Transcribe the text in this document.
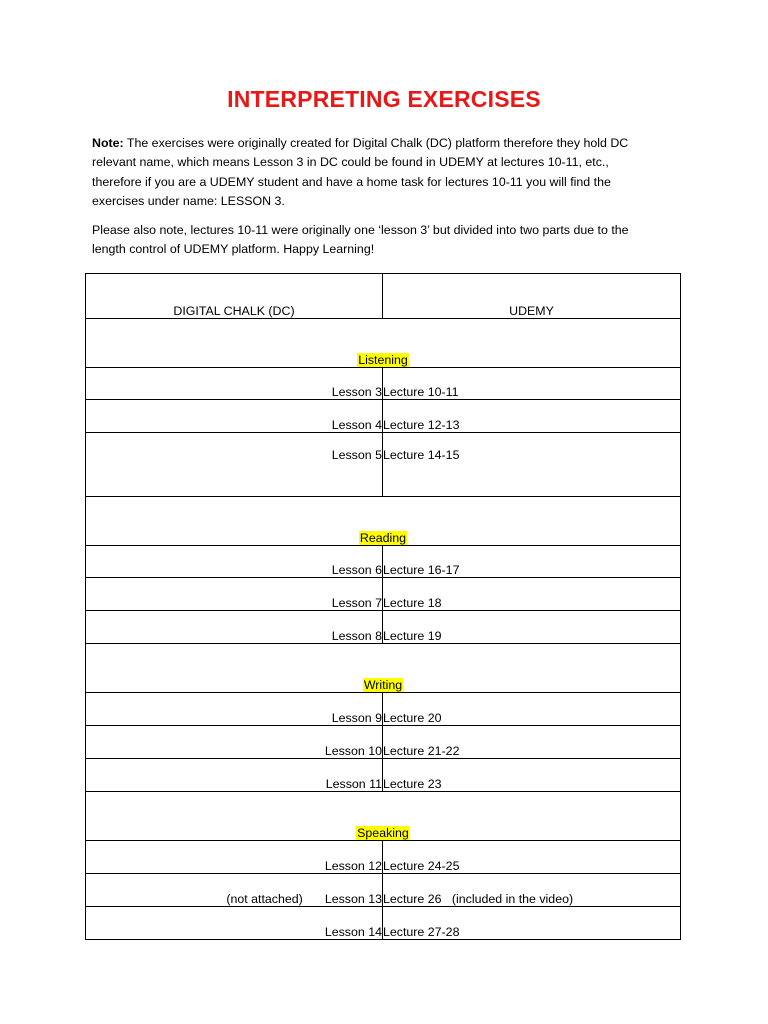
INTERPRETING EXERCISES

Note: The exercises were originally created for Digital Chalk (DC) platform therefore they hold DC

relevant name, which means Lesson 3 in DC could be found in UDEMY at lectures 10-11, etc.,

therefore if you are a UDEMY student and have a home task for lectures 10-11 you will find the

exercises under name: LESSON 3.

Please also note, lectures 10-11 were originally one ‘lesson 3’ but divided into two parts due to the

length control of UDEMY platform. Happy Learning!

DIGITAL CHALK (DC)	UDEMY
Listening	
Lesson 3	Lecture 10-11
Lesson 4	Lecture 12-13
Lesson 5	Lecture 14-15
Reading	
Lesson 6	Lecture 16-17
Lesson 7	Lecture 18
Lesson 8	Lecture 19
Writing	
Lesson 9	Lecture 20
Lesson 10	Lecture 21-22
Lesson 11	Lecture 23
Speaking	
Lesson 12	Lecture 24-25
(not attached) Lesson 13	Lecture 26   (included in the video)
Lesson 14	Lecture 27-28
